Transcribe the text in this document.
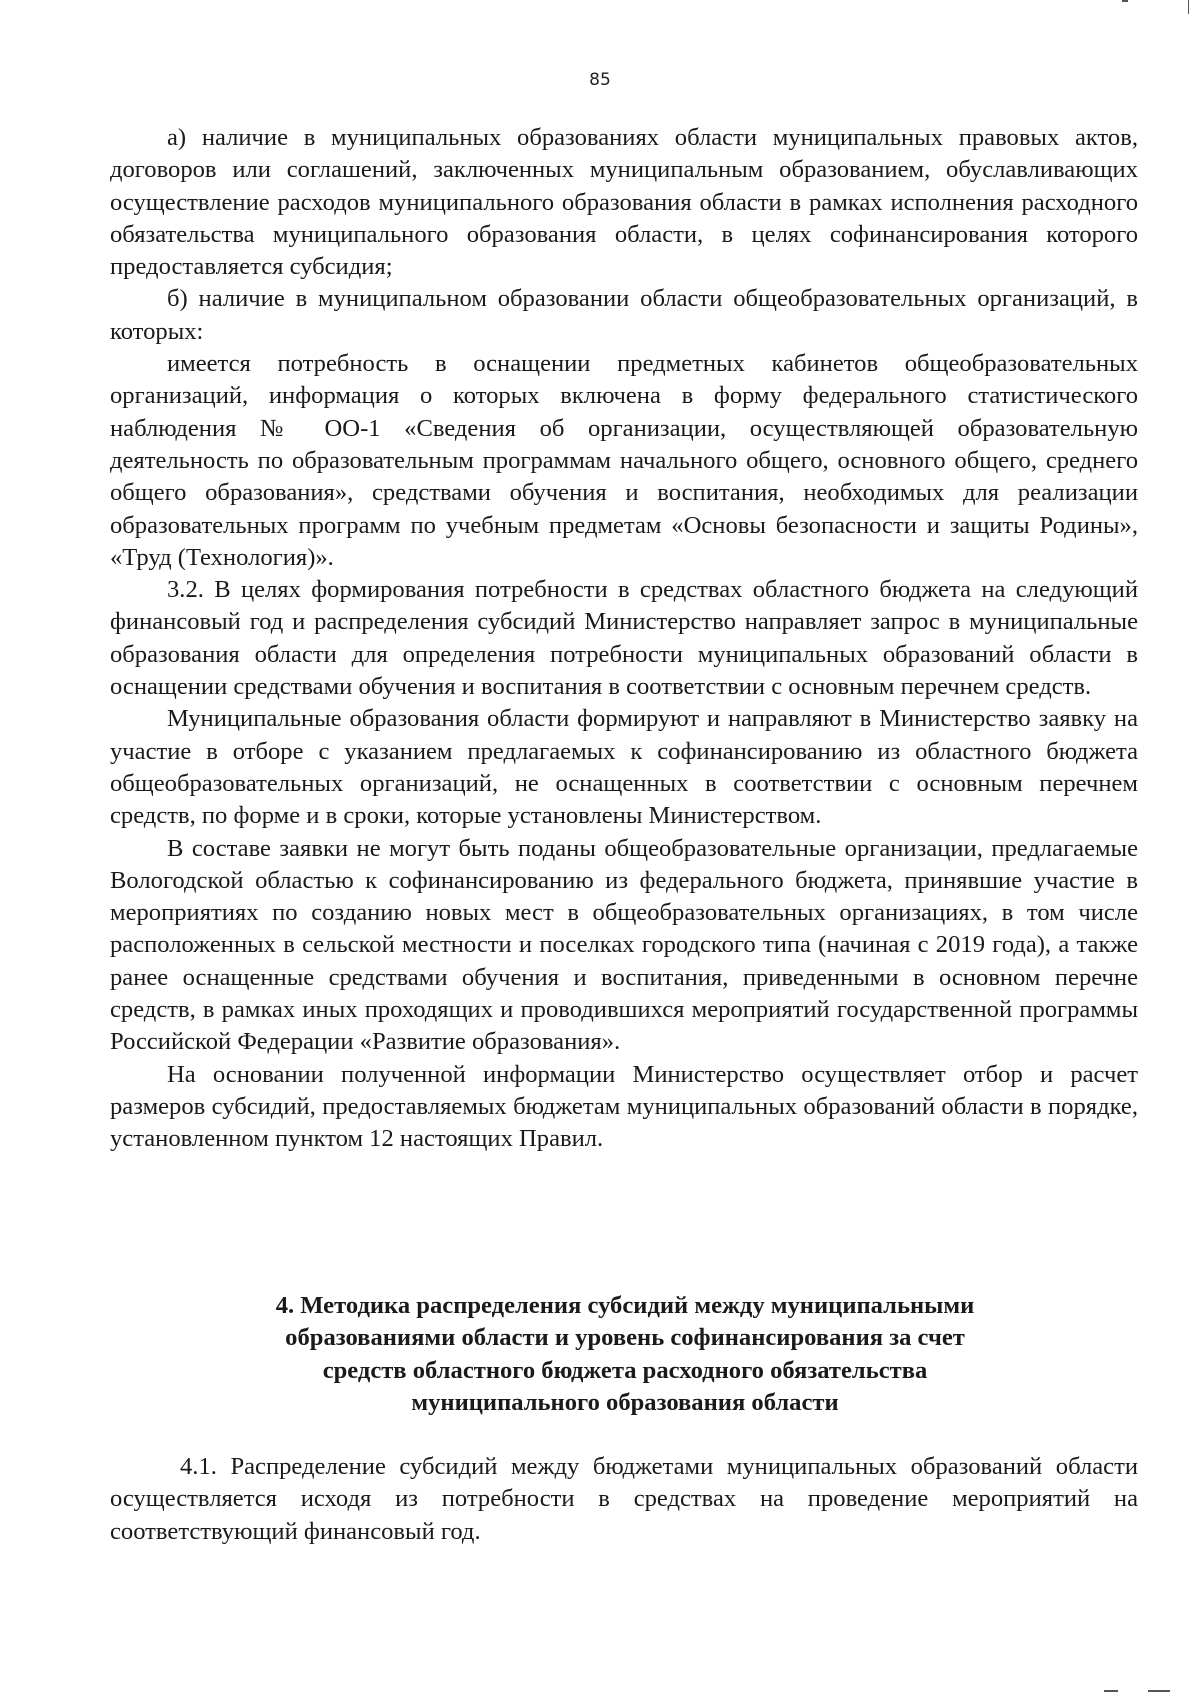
85

а) наличие в муниципальных образованиях области муниципальных правовых актов, договоров или соглашений, заключенных муниципальным образованием, обуславливающих осуществление расходов муниципального образования области в рамках исполнения расходного обязательства муниципального образования области, в целях софинансирования которого предоставляется субсидия;

б) наличие в муниципальном образовании области общеобразовательных организаций, в которых:

имеется потребность в оснащении предметных кабинетов общеобразовательных организаций, информация о которых включена в форму федерального статистического наблюдения № ОО-1 «Сведения об организации, осуществляющей образовательную деятельность по образовательным программам начального общего, основного общего, среднего общего образования», средствами обучения и воспитания, необходимых для реализации образовательных программ по учебным предметам «Основы безопасности и защиты Родины», «Труд (Технология)».

3.2. В целях формирования потребности в средствах областного бюджета на следующий финансовый год и распределения субсидий Министерство направляет запрос в муниципальные образования области для определения потребности муниципальных образований области в оснащении средствами обучения и воспитания в соответствии с основным перечнем средств.

Муниципальные образования области формируют и направляют в Министерство заявку на участие в отборе с указанием предлагаемых к софинансированию из областного бюджета общеобразовательных организаций, не оснащенных в соответствии с основным перечнем средств, по форме и в сроки, которые установлены Министерством.

В составе заявки не могут быть поданы общеобразовательные организации, предлагаемые Вологодской областью к софинансированию из федерального бюджета, принявшие участие в мероприятиях по созданию новых мест в общеобразовательных организациях, в том числе расположенных в сельской местности и поселках городского типа (начиная с 2019 года), а также ранее оснащенные средствами обучения и воспитания, приведенными в основном перечне средств, в рамках иных проходящих и проводившихся мероприятий государственной программы Российской Федерации «Развитие образования».

На основании полученной информации Министерство осуществляет отбор и расчет размеров субсидий, предоставляемых бюджетам муниципальных образований области в порядке, установленном пунктом 12 настоящих Правил.

4. Методика распределения субсидий между муниципальными
образованиями области и уровень софинансирования за счет
средств областного бюджета расходного обязательства
муниципального образования области

4.1. Распределение субсидий между бюджетами муниципальных образований области осуществляется исходя из потребности в средствах на проведение мероприятий на соответствующий финансовый год.
